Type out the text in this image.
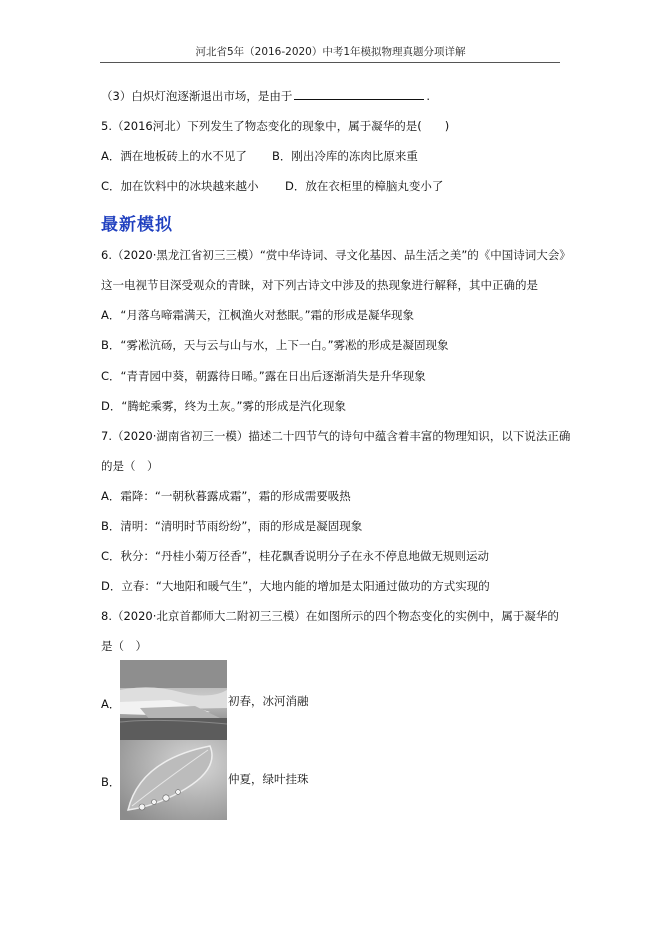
河北省5年（2016-2020）中考1年模拟物理真题分项详解
（3）白炽灯泡逐渐退出市场，是由于	.
5.（2016河北）下列发生了物态变化的现象中，属于凝华的是(　　)
A．洒在地板砖上的水不见了 B．刚出冷库的冻肉比原来重
C．加在饮料中的冰块越来越小 D．放在衣柜里的樟脑丸变小了
最新模拟
6.（2020·黑龙江省初三三模）“赏中华诗词、寻文化基因、品生活之美”的《中国诗词大会》
这一电视节目深受观众的青睐，对下列古诗文中涉及的热现象进行解释，其中正确的是
A．“月落乌啼霜满天，江枫渔火对愁眠。”霜的形成是凝华现象
B．“雾凇沆砀，天与云与山与水，上下一白。”雾凇的形成是凝固现象
C．“青青园中葵，朝露待日晞。”露在日出后逐渐消失是升华现象
D．“腾蛇乘雾，终为土灰。”雾的形成是汽化现象
7.（2020·湖南省初三一模）描述二十四节气的诗句中蕴含着丰富的物理知识，以下说法正确
的是（　）
A．霜降：“一朝秋暮露成霜”，霜的形成需要吸热
B．清明：“清明时节雨纷纷”，雨的形成是凝固现象
C．秋分：“丹桂小菊万径香”，桂花飘香说明分子在永不停息地做无规则运动
D．立春：“大地阳和暖气生”，大地内能的增加是太阳通过做功的方式实现的
8.（2020·北京首都师大二附初三三模）在如图所示的四个物态变化的实例中，属于凝华的
是（　）
A．	初春，冰河消融
B．	仲夏，绿叶挂珠
